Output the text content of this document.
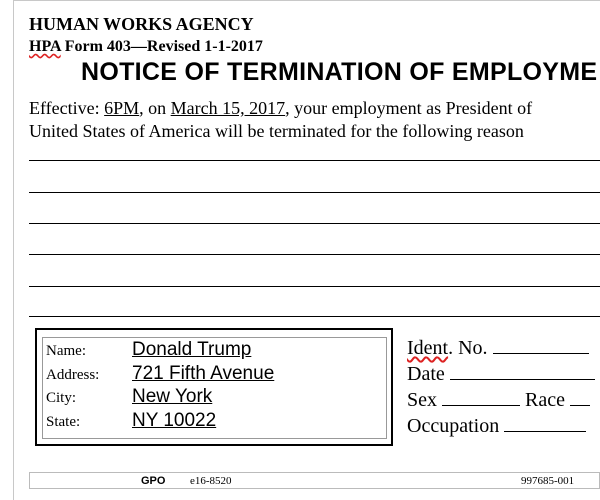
HUMAN WORKS AGENCY
HPA Form 403—Revised 1-1-2017
NOTICE OF TERMINATION OF EMPLOYME
Effective: 6PM, on March 15, 2017, your employment as President of
United States of America will be terminated for the following reason
Name: Donald Trump
Address: 721 Fifth Avenue
City:	New York
State:	NY 10022
Ident. No.
Date
Sex	Race
Occupation
GPO e16-8520	997685-001
